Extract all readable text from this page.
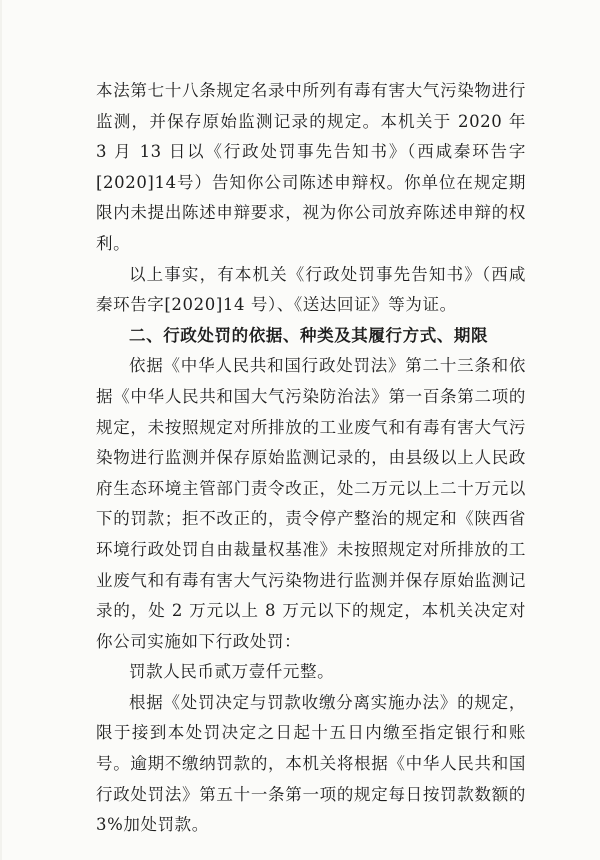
本法第七十八条规定名录中所列有毒有害大气污染物进行监测，并保存原始监测记录的规定。本机关于 2020 年 3 月 13 日以《行政处罚事先告知书》（西咸秦环告字[2020]14号）告知你公司陈述申辩权。你单位在规定期限内未提出陈述申辩要求，视为你公司放弃陈述申辩的权利。

以上事实，有本机关《行政处罚事先告知书》（西咸秦环告字[2020]14 号）、《送达回证》等为证。

二、行政处罚的依据、种类及其履行方式、期限

依据《中华人民共和国行政处罚法》第二十三条和依据《中华人民共和国大气污染防治法》第一百条第二项的规定，未按照规定对所排放的工业废气和有毒有害大气污染物进行监测并保存原始监测记录的，由县级以上人民政府生态环境主管部门责令改正，处二万元以上二十万元以下的罚款；拒不改正的，责令停产整治的规定和《陕西省环境行政处罚自由裁量权基准》未按照规定对所排放的工业废气和有毒有害大气污染物进行监测并保存原始监测记录的，处 2 万元以上 8 万元以下的规定，本机关决定对你公司实施如下行政处罚：

罚款人民币贰万壹仟元整。

根据《处罚决定与罚款收缴分离实施办法》的规定，限于接到本处罚决定之日起十五日内缴至指定银行和账号。逾期不缴纳罚款的，本机关将根据《中华人民共和国行政处罚法》第五十一条第一项的规定每日按罚款数额的 3%加处罚款。
